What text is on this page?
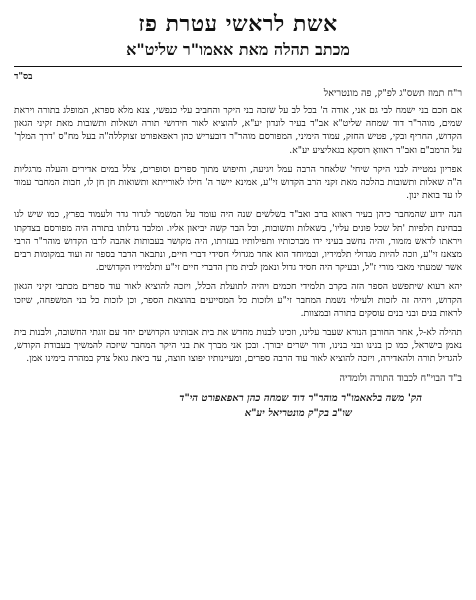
אשת לראשי עטרת פז
מכתב תהלה מאת אאמו"ר שליט"א
בס"ד
ר"ח תמוז תשס"ג לפ"ק, פה מונטריאל

אם חכם בני ישמח לבי גם אני, אודה ה' בכל לב על שזכה בני היקר והחביב עלי כנפשי, צנא מלא ספרא, המופלג בתורה ויראת שמים, מוהר"ר דוד שמחה שליט"א אב"ד בעיר לונדון יע"א, להוציא לאור חידושי תורה ושאלות ותשובות מאת זקיני הגאון הקדוש, החריף ובקי, פטיש החזק, עמוד הימיני, המפורסם מוהר"ר דובעריש כהן ראפאפורט זצוקללה"ה בעל מח"ס 'דרך המלך' על הרמב"ם ואב"ד ראוואָ רוסקא בגאליציע יע"א.

אפריון נמטייה לבני היקר שיחי' שלאחר הרבה עמל ויגיעה, וחיפוש מתוך ספרים וסופרים, צלל במים אדירים והעלה מרגליות ה"ה שאלות ותשובות בהלכה מאת זקני הרב הקדוש זי"ע, אמינא יישר ה' חילו לאורייתא ותשואות חן חן לו, חבות המחבר עמוד לו עד בואת ינון.

הנה ידוע שהמחבר כיהן בעיר ראווא ברב ואב"ד בשלשים שנה היה עומד על המשמר לגדור גדר ולעמוד בפרץ, כמו שיש לנו בבחינת תלפיות 'תל שכל פונים עליו', בשאלות ותשובות, וכל הבר קשה יביאון אליו. ומלבד גדלותו בתורה היה מפורסם בצדקתו ויראתו לראש מזמור, והיה נחשב בעיני ידו מברכותיו ותפילותיו בעזרתו, היה מקושר בעבותות אהבה לרבו הקדוש מוהר"ר הרבי מצאנז זי"ע, וזכה להיות מגדולי תלמידיו, ובמיוחד הוא אחד מגדולי חסידי דברי חיים, ונתבאר הדבר בספר זה ועוד במקומות רבים אשר שמעתי מאבי מורי ז"ל, ובעיקר היה חסיד גדול ונאמן לבית מרן הדברי חיים זי"ע ותלמידיו הקדושים.

יהא רעוא שיתפשט הספר הזה בקרב תלמידי חכמים ויהיה לתועלת הכלל, ויזכה להוציא לאור עוד ספרים מכתבי זקיני הגאון הקדוש, ויהיה זה לזכות ולעילוי נשמת המחבר זי"ע ולזכות כל המסייעים בהוצאת הספר, וכן לזכות כל בני המשפחה, שיזכו לראות בנים ובני בנים עוסקים בתורה ובמצוות.

תהילה לא-ל, אחר החורבן הנורא שעבר עלינו, וזכינו לבנות מחדש את בית אבותינו הקדושים יחד עם זוגתי החשובה, ולבנות בית נאמן בישראל, כמו כן בנינו ובני בנינו, ודור ישרים יבורך. ובכן אני מברך את בני היקר המחבר שיזכה להמשיך בעבודת הקודש, להגדיל תורה ולהאדירה, ויזכה להוציא לאור עוד הרבה ספרים, ומעיינותיו יפוצו חוצה, עד ביאת גואל צדק במהרה בימינו אמן.

ב"ד הבוי"ח לכבוד התורה ולומדיה
הק' משה בלאאמו"ר מוהר"ר דוד שמחה כהן ראפאפורט הי"ד
שו"ב בק"ק מונטריאל יע"א
